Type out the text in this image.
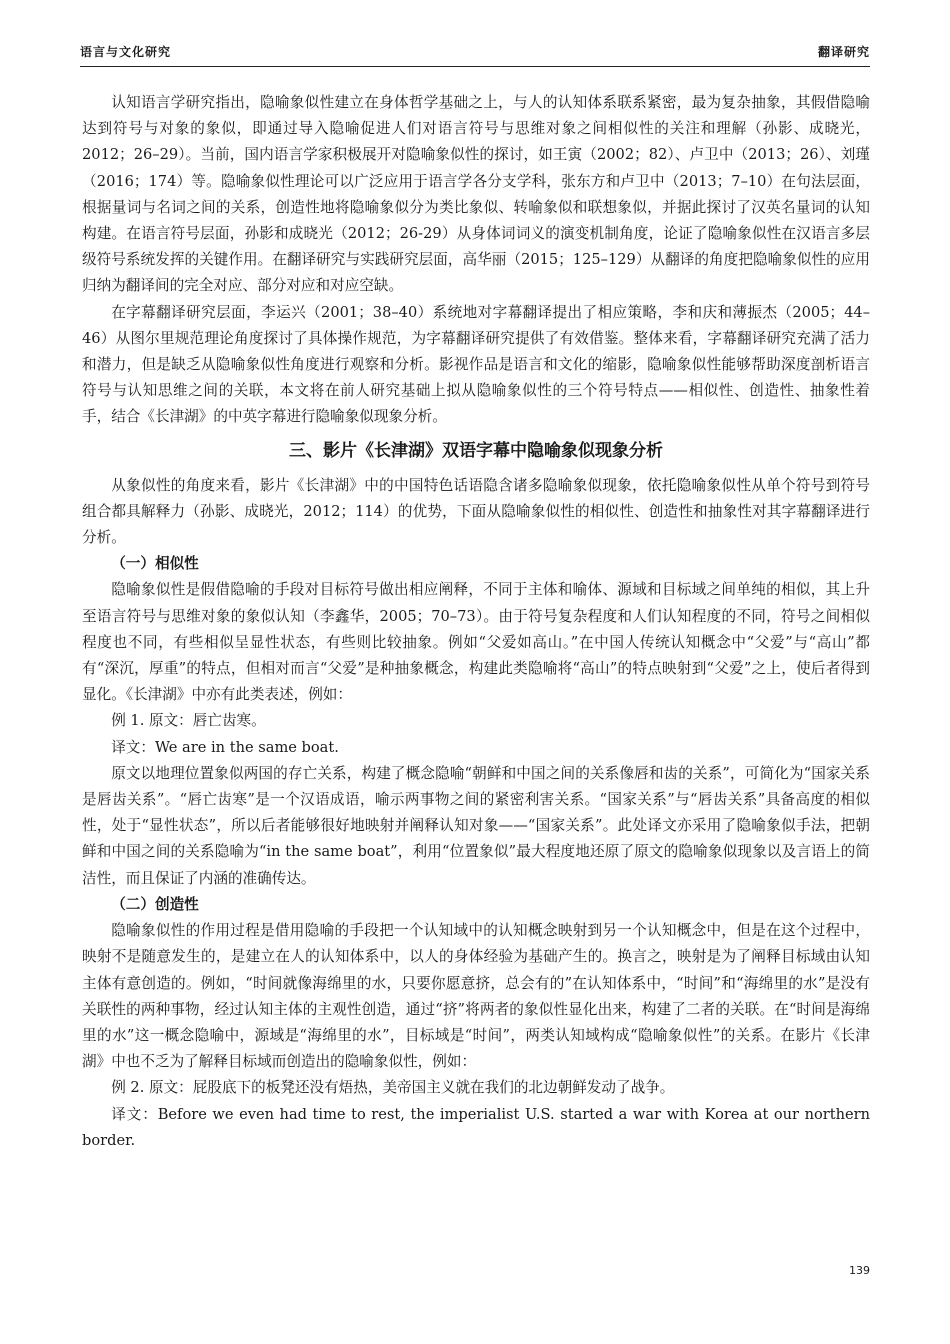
语言与文化研究	翻译研究

认知语言学研究指出，隐喻象似性建立在身体哲学基础之上，与人的认知体系联系紧密，最为复杂抽象，其假借隐喻达到符号与对象的象似，即通过导入隐喻促进人们对语言符号与思维对象之间相似性的关注和理解（孙影、成晓光，2012；26–29）。当前，国内语言学家积极展开对隐喻象似性的探讨，如王寅（2002；82）、卢卫中（2013；26）、刘瑾（2016；174）等。隐喻象似性理论可以广泛应用于语言学各分支学科，张东方和卢卫中（2013；7–10）在句法层面，根据量词与名词之间的关系，创造性地将隐喻象似分为类比象似、转喻象似和联想象似，并据此探讨了汉英名量词的认知构建。在语言符号层面，孙影和成晓光（2012；26-29）从身体词词义的演变机制角度，论证了隐喻象似性在汉语言多层级符号系统发挥的关键作用。在翻译研究与实践研究层面，高华丽（2015；125–129）从翻译的角度把隐喻象似性的应用归纳为翻译间的完全对应、部分对应和对应空缺。

在字幕翻译研究层面，李运兴（2001；38–40）系统地对字幕翻译提出了相应策略，李和庆和薄振杰（2005；44–46）从图尔里规范理论角度探讨了具体操作规范，为字幕翻译研究提供了有效借鉴。整体来看，字幕翻译研究充满了活力和潜力，但是缺乏从隐喻象似性角度进行观察和分析。影视作品是语言和文化的缩影，隐喻象似性能够帮助深度剖析语言符号与认知思维之间的关联，本文将在前人研究基础上拟从隐喻象似性的三个符号特点——相似性、创造性、抽象性着手，结合《长津湖》的中英字幕进行隐喻象似现象分析。

三、影片《长津湖》双语字幕中隐喻象似现象分析

从象似性的角度来看，影片《长津湖》中的中国特色话语隐含诸多隐喻象似现象，依托隐喻象似性从单个符号到符号组合都具解释力（孙影、成晓光，2012；114）的优势，下面从隐喻象似性的相似性、创造性和抽象性对其字幕翻译进行分析。

（一）相似性

隐喻象似性是假借隐喻的手段对目标符号做出相应阐释，不同于主体和喻体、源域和目标域之间单纯的相似，其上升至语言符号与思维对象的象似认知（李鑫华，2005；70–73）。由于符号复杂程度和人们认知程度的不同，符号之间相似程度也不同，有些相似呈显性状态，有些则比较抽象。例如“父爱如高山。”在中国人传统认知概念中“父爱”与“高山”都有“深沉，厚重”的特点，但相对而言“父爱”是种抽象概念，构建此类隐喻将“高山”的特点映射到“父爱”之上，使后者得到显化。《长津湖》中亦有此类表述，例如：

例 1. 原文：唇亡齿寒。

译文：We are in the same boat.

原文以地理位置象似两国的存亡关系，构建了概念隐喻“朝鲜和中国之间的关系像唇和齿的关系”，可简化为“国家关系是唇齿关系”。“唇亡齿寒”是一个汉语成语，喻示两事物之间的紧密利害关系。“国家关系”与“唇齿关系”具备高度的相似性，处于“显性状态”，所以后者能够很好地映射并阐释认知对象——“国家关系”。此处译文亦采用了隐喻象似手法，把朝鲜和中国之间的关系隐喻为“in the same boat”，利用“位置象似”最大程度地还原了原文的隐喻象似现象以及言语上的简洁性，而且保证了内涵的准确传达。

（二）创造性

隐喻象似性的作用过程是借用隐喻的手段把一个认知域中的认知概念映射到另一个认知概念中，但是在这个过程中，映射不是随意发生的，是建立在人的认知体系中，以人的身体经验为基础产生的。换言之，映射是为了阐释目标域由认知主体有意创造的。例如，“时间就像海绵里的水，只要你愿意挤，总会有的”在认知体系中，“时间”和“海绵里的水”是没有关联性的两种事物，经过认知主体的主观性创造，通过“挤”将两者的象似性显化出来，构建了二者的关联。在“时间是海绵里的水”这一概念隐喻中，源域是“海绵里的水”，目标域是“时间”，两类认知域构成“隐喻象似性”的关系。在影片《长津湖》中也不乏为了解释目标域而创造出的隐喻象似性，例如：

例 2. 原文：屁股底下的板凳还没有焐热，美帝国主义就在我们的北边朝鲜发动了战争。

译文：Before we even had time to rest, the imperialist U.S. started a war with Korea at our northern border.

139
